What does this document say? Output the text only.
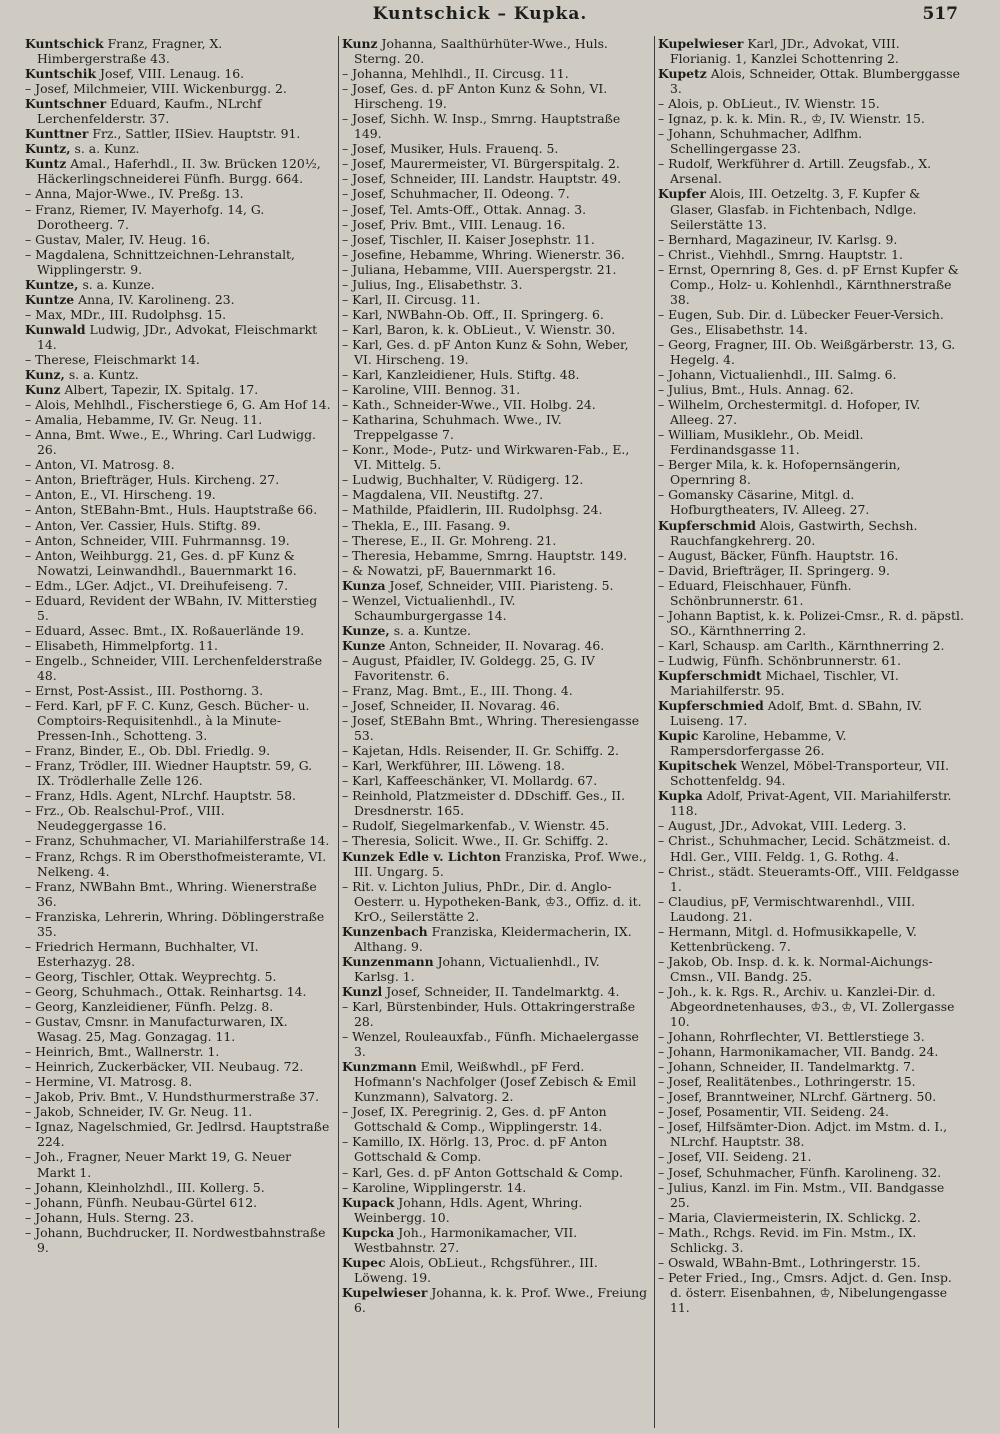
Kuntschick – Kupka.	517
Kuntschick Franz, Fragner, X. Himbergerstraße 43.
Kuntschik Josef, VIII. Lenaug. 16.
– Josef, Milchmeier, VIII. Wickenburgg. 2.
Kuntschner Eduard, Kaufm., NLrchf Lerchenfelderstr. 37.
Kunttner Frz., Sattler, IISiev. Hauptstr. 91.
Kuntz, s. a. Kunz.
Kuntz Amal., Haferhdl., II. 3w. Brücken 120½, Häckerlingschneiderei Fünfh. Burgg. 664.
– Anna, Major-Wwe., IV. Preßg. 13.
– Franz, Riemer, IV. Mayerhofg. 14, G. Dorotheerg. 7.
– Gustav, Maler, IV. Heug. 16.
– Magdalena, Schnittzeichnen-Lehranstalt, Wipplingerstr. 9.
Kuntze, s. a. Kunze.
Kuntze Anna, IV. Karolineng. 23.
– Max, MDr., III. Rudolphsg. 15.
Kunwald Ludwig, JDr., Advokat, Fleischmarkt 14.
– Therese, Fleischmarkt 14.
Kunz, s. a. Kuntz.
Kunz Albert, Tapezir, IX. Spitalg. 17.
– Alois, Mehlhdl., Fischerstiege 6, G. Am Hof 14.
– Amalia, Hebamme, IV. Gr. Neug. 11.
– Anna, Bmt. Wwe., E., Whring. Carl Ludwigg. 26.
– Anton, VI. Matrosg. 8.
– Anton, Briefträger, Huls. Kircheng. 27.
– Anton, E., VI. Hirscheng. 19.
– Anton, StEBahn-Bmt., Huls. Hauptstraße 66.
– Anton, Ver. Cassier, Huls. Stiftg. 89.
– Anton, Schneider, VIII. Fuhrmannsg. 19.
– Anton, Weihburgg. 21, Ges. d. pF Kunz & Nowatzi, Leinwandhdl., Bauernmarkt 16.
– Edm., LGer. Adjct., VI. Dreihufeiseng. 7.
– Eduard, Revident der WBahn, IV. Mitterstieg 5.
– Eduard, Assec. Bmt., IX. Roßauerlände 19.
– Elisabeth, Himmelpfortg. 11.
– Engelb., Schneider, VIII. Lerchenfelderstraße 48.
– Ernst, Post-Assist., III. Posthorng. 3.
– Ferd. Karl, pF F. C. Kunz, Gesch. Bücher- u. Comptoirs-Requisitenhdl., à la Minute-Pressen-Inh., Schotteng. 3.
– Franz, Binder, E., Ob. Dbl. Friedlg. 9.
– Franz, Trödler, III. Wiedner Hauptstr. 59, G. IX. Trödlerhalle Zelle 126.
– Franz, Hdls. Agent, NLrchf. Hauptstr. 58.
– Frz., Ob. Realschul-Prof., VIII. Neudeggergasse 16.
– Franz, Schuhmacher, VI. Mariahilferstraße 14.
– Franz, Rchgs. R im Obersthofmeisteramte, VI. Nelkeng. 4.
– Franz, NWBahn Bmt., Whring. Wienerstraße 36.
– Franziska, Lehrerin, Whring. Döblingerstraße 35.
– Friedrich Hermann, Buchhalter, VI. Esterhazyg. 28.
– Georg, Tischler, Ottak. Weyprechtg. 5.
– Georg, Schuhmach., Ottak. Reinhartsg. 14.
– Georg, Kanzleidiener, Fünfh. Pelzg. 8.
– Gustav, Cmsnr. in Manufacturwaren, IX. Wasag. 25, Mag. Gonzagag. 11.
– Heinrich, Bmt., Wallnerstr. 1.
– Heinrich, Zuckerbäcker, VII. Neubaug. 72.
– Hermine, VI. Matrosg. 8.
– Jakob, Priv. Bmt., V. Hundsthurmerstraße 37.
– Jakob, Schneider, IV. Gr. Neug. 11.
– Ignaz, Nagelschmied, Gr. Jedlrsd. Hauptstraße 224.
– Joh., Fragner, Neuer Markt 19, G. Neuer Markt 1.
– Johann, Kleinholzhdl., III. Kollerg. 5.
– Johann, Fünfh. Neubau-Gürtel 612.
– Johann, Huls. Sterng. 23.
– Johann, Buchdrucker, II. Nordwestbahnstraße 9.
Kunz Johanna, Saalthürhüter-Wwe., Huls. Sterng. 20.
– Johanna, Mehlhdl., II. Circusg. 11.
– Josef, Ges. d. pF Anton Kunz & Sohn, VI. Hirscheng. 19.
– Josef, Sichh. W. Insp., Smrng. Hauptstraße 149.
– Josef, Musiker, Huls. Frauenq. 5.
– Josef, Maurermeister, VI. Bürgerspitalg. 2.
– Josef, Schneider, III. Landstr. Hauptstr. 49.
– Josef, Schuhmacher, II. Odeong. 7.
– Josef, Tel. Amts-Off., Ottak. Annag. 3.
– Josef, Priv. Bmt., VIII. Lenaug. 16.
– Josef, Tischler, II. Kaiser Josephstr. 11.
– Josefine, Hebamme, Whring. Wienerstr. 36.
– Juliana, Hebamme, VIII. Auerspergstr. 21.
– Julius, Ing., Elisabethstr. 3.
– Karl, II. Circusg. 11.
– Karl, NWBahn-Ob. Off., II. Springerg. 6.
– Karl, Baron, k. k. ObLieut., V. Wienstr. 30.
– Karl, Ges. d. pF Anton Kunz & Sohn, Weber, VI. Hirscheng. 19.
– Karl, Kanzleidiener, Huls. Stiftg. 48.
– Karoline, VIII. Bennog. 31.
– Kath., Schneider-Wwe., VII. Holbg. 24.
– Katharina, Schuhmach. Wwe., IV. Treppelgasse 7.
– Konr., Mode-, Putz- und Wirkwaren-Fab., E., VI. Mittelg. 5.
– Ludwig, Buchhalter, V. Rüdigerg. 12.
– Magdalena, VII. Neustiftg. 27.
– Mathilde, Pfaidlerin, III. Rudolphsg. 24.
– Thekla, E., III. Fasang. 9.
– Therese, E., II. Gr. Mohreng. 21.
– Theresia, Hebamme, Smrng. Hauptstr. 149.
– & Nowatzi, pF, Bauernmarkt 16.
Kunza Josef, Schneider, VIII. Piaristeng. 5.
– Wenzel, Victualienhdl., IV. Schaumburgergasse 14.
Kunze, s. a. Kuntze.
Kunze Anton, Schneider, II. Novarag. 46.
– August, Pfaidler, IV. Goldegg. 25, G. IV Favoritenstr. 6.
– Franz, Mag. Bmt., E., III. Thong. 4.
– Josef, Schneider, II. Novarag. 46.
– Josef, StEBahn Bmt., Whring. Theresiengasse 53.
– Kajetan, Hdls. Reisender, II. Gr. Schiffg. 2.
– Karl, Werkführer, III. Löweng. 18.
– Karl, Kaffeeschänker, VI. Mollardg. 67.
– Reinhold, Platzmeister d. DDschiff. Ges., II. Dresdnerstr. 165.
– Rudolf, Siegelmarkenfab., V. Wienstr. 45.
– Theresia, Solicit. Wwe., II. Gr. Schiffg. 2.
Kunzek Edle v. Lichton Franziska, Prof. Wwe., III. Ungarg. 5.
– Rit. v. Lichton Julius, PhDr., Dir. d. Anglo-Oesterr. u. Hypotheken-Bank, ♔3., Offiz. d. it. KrO., Seilerstätte 2.
Kunzenbach Franziska, Kleidermacherin, IX. Althang. 9.
Kunzenmann Johann, Victualienhdl., IV. Karlsg. 1.
Kunzl Josef, Schneider, II. Tandelmarktg. 4.
– Karl, Bürstenbinder, Huls. Ottakringerstraße 28.
– Wenzel, Rouleauxfab., Fünfh. Michaelergasse 3.
Kunzmann Emil, Weißwhdl., pF Ferd. Hofmann's Nachfolger (Josef Zebisch & Emil Kunzmann), Salvatorg. 2.
– Josef, IX. Peregrinig. 2, Ges. d. pF Anton Gottschald & Comp., Wipplingerstr. 14.
– Kamillo, IX. Hörlg. 13, Proc. d. pF Anton Gottschald & Comp.
– Karl, Ges. d. pF Anton Gottschald & Comp.
– Karoline, Wipplingerstr. 14.
Kupack Johann, Hdls. Agent, Whring. Weinbergg. 10.
Kupcka Joh., Harmonikamacher, VII. Westbahnstr. 27.
Kupec Alois, ObLieut., Rchgsführer., III. Löweng. 19.
Kupelwieser Johanna, k. k. Prof. Wwe., Freiung 6.
Kupelwieser Karl, JDr., Advokat, VIII. Florianig. 1, Kanzlei Schottenring 2.
Kupetz Alois, Schneider, Ottak. Blumberggasse 3.
– Alois, p. ObLieut., IV. Wienstr. 15.
– Ignaz, p. k. k. Min. R., ♔, IV. Wienstr. 15.
– Johann, Schuhmacher, Adlfhm. Schellingergasse 23.
– Rudolf, Werkführer d. Artill. Zeugsfab., X. Arsenal.
Kupfer Alois, III. Oetzeltg. 3, F. Kupfer & Glaser, Glasfab. in Fichtenbach, Ndlge. Seilerstätte 13.
– Bernhard, Magazineur, IV. Karlsg. 9.
– Christ., Viehhdl., Smrng. Hauptstr. 1.
– Ernst, Opernring 8, Ges. d. pF Ernst Kupfer & Comp., Holz- u. Kohlenhdl., Kärnthnerstraße 38.
– Eugen, Sub. Dir. d. Lübecker Feuer-Versich. Ges., Elisabethstr. 14.
– Georg, Fragner, III. Ob. Weißgärberstr. 13, G. Hegelg. 4.
– Johann, Victualienhdl., III. Salmg. 6.
– Julius, Bmt., Huls. Annag. 62.
– Wilhelm, Orchestermitgl. d. Hofoper, IV. Alleeg. 27.
– William, Musiklehr., Ob. Meidl. Ferdinandsgasse 11.
– Berger Mila, k. k. Hofopernsängerin, Opernring 8.
– Gomansky Cäsarine, Mitgl. d. Hofburgtheaters, IV. Alleeg. 27.
Kupferschmid Alois, Gastwirth, Sechsh. Rauchfangkehrerg. 20.
– August, Bäcker, Fünfh. Hauptstr. 16.
– David, Briefträger, II. Springerg. 9.
– Eduard, Fleischhauer, Fünfh. Schönbrunnerstr. 61.
– Johann Baptist, k. k. Polizei-Cmsr., R. d. päpstl. SO., Kärnthnerring 2.
– Karl, Schausp. am Carlth., Kärnthnerring 2.
– Ludwig, Fünfh. Schönbrunnerstr. 61.
Kupferschmidt Michael, Tischler, VI. Mariahilferstr. 95.
Kupferschmied Adolf, Bmt. d. SBahn, IV. Luiseng. 17.
Kupic Karoline, Hebamme, V. Rampersdorfergasse 26.
Kupitschek Wenzel, Möbel-Transporteur, VII. Schottenfeldg. 94.
Kupka Adolf, Privat-Agent, VII. Mariahilferstr. 118.
– August, JDr., Advokat, VIII. Lederg. 3.
– Christ., Schuhmacher, Lecid. Schätzmeist. d. Hdl. Ger., VIII. Feldg. 1, G. Rothg. 4.
– Christ., städt. Steueramts-Off., VIII. Feldgasse 1.
– Claudius, pF, Vermischtwarenhdl., VIII. Laudong. 21.
– Hermann, Mitgl. d. Hofmusikkapelle, V. Kettenbrückeng. 7.
– Jakob, Ob. Insp. d. k. k. Normal-Aichungs-Cmsn., VII. Bandg. 25.
– Joh., k. k. Rgs. R., Archiv. u. Kanzlei-Dir. d. Abgeordnetenhauses, ♔3., ♔, VI. Zollergasse 10.
– Johann, Rohrflechter, VI. Bettlerstiege 3.
– Johann, Harmonikamacher, VII. Bandg. 24.
– Johann, Schneider, II. Tandelmarktg. 7.
– Josef, Realitätenbes., Lothringerstr. 15.
– Josef, Branntweiner, NLrchf. Gärtnerg. 50.
– Josef, Posamentir, VII. Seideng. 24.
– Josef, Hilfsämter-Dion. Adjct. im Mstm. d. I., NLrchf. Hauptstr. 38.
– Josef, VII. Seideng. 21.
– Josef, Schuhmacher, Fünfh. Karolineng. 32.
– Julius, Kanzl. im Fin. Mstm., VII. Bandgasse 25.
– Maria, Claviermeisterin, IX. Schlickg. 2.
– Math., Rchgs. Revid. im Fin. Mstm., IX. Schlickg. 3.
– Oswald, WBahn-Bmt., Lothringerstr. 15.
– Peter Fried., Ing., Cmsrs. Adjct. d. Gen. Insp. d. österr. Eisenbahnen, ♔, Nibelungengasse 11.
